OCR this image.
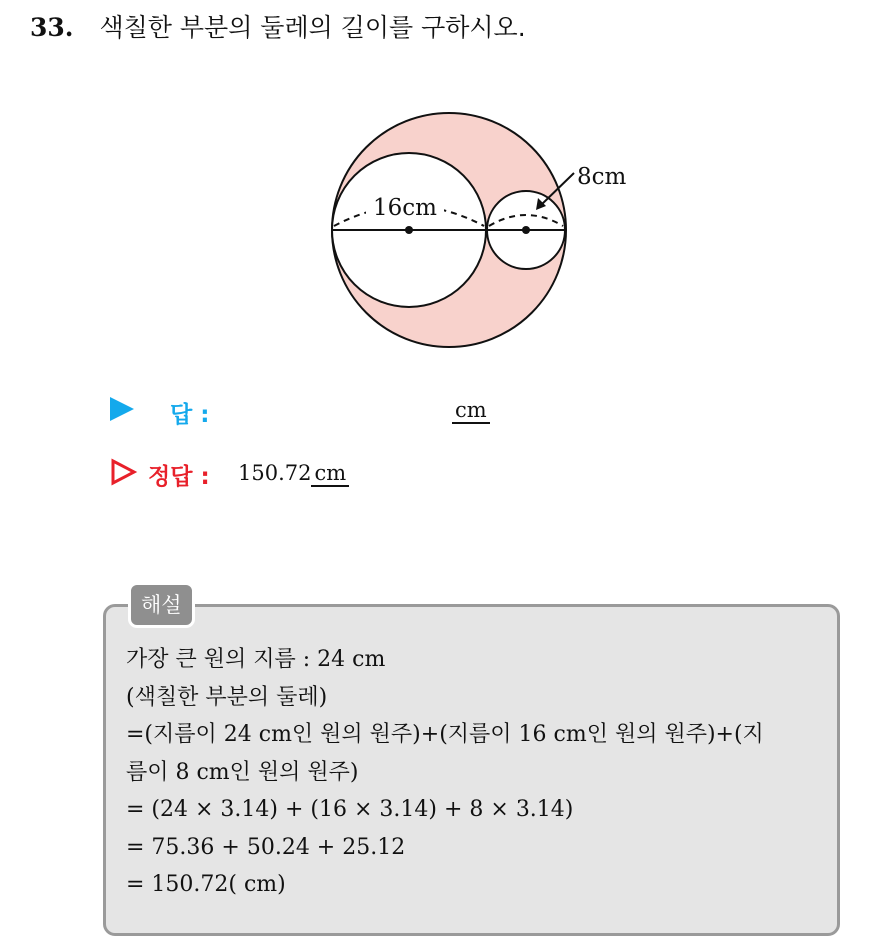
33. 색칠한 부분의 둘레의 길이를 구하시오.
16cm
8cm
답 :	cm
정답 : 150.72 cm
해설
가장 큰 원의 지름 : 24 cm
(색칠한 부분의 둘레)
=(지름이 24 cm인 원의 원주)+(지름이 16 cm인 원의 원주)+(지
름이 8 cm인 원의 원주)
= (24 × 3.14) + (16 × 3.14) + 8 × 3.14)
= 75.36 + 50.24 + 25.12
= 150.72( cm)
